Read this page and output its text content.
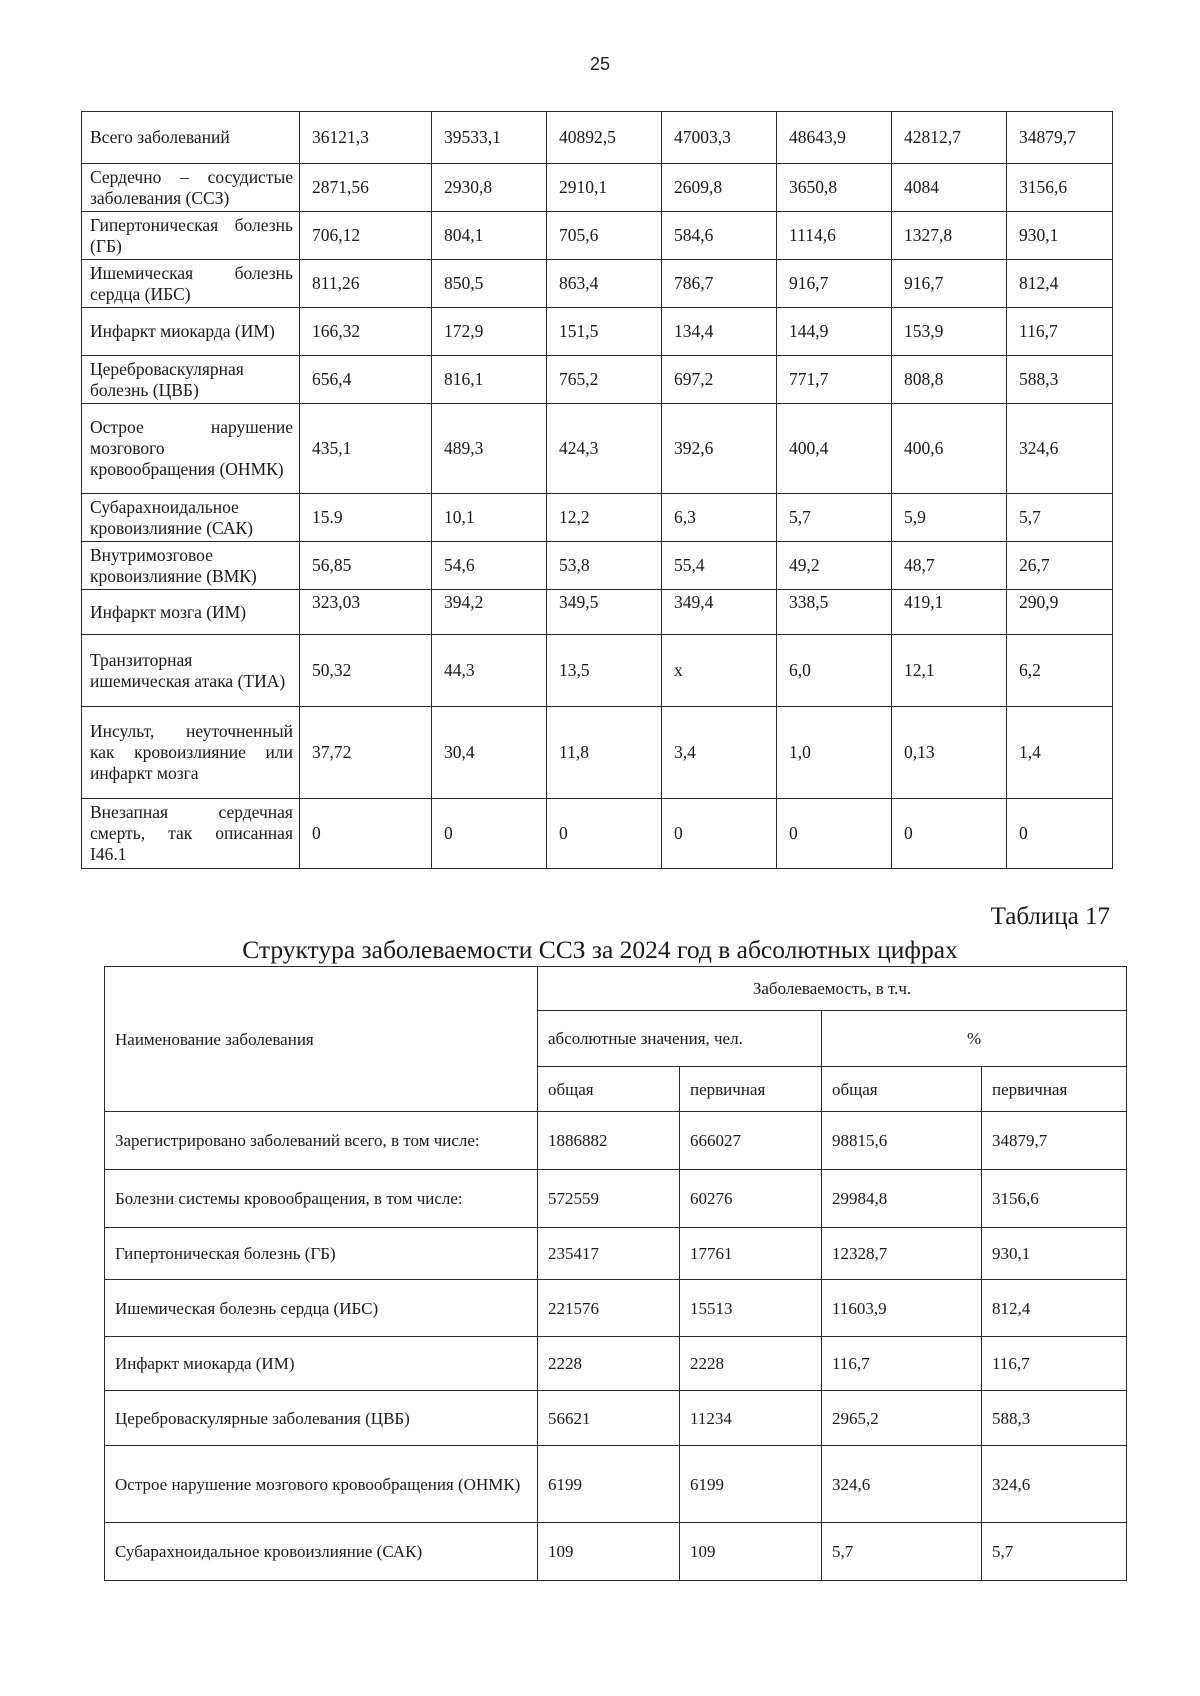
25
Всего заболеваний	36121,3	39533,1	40892,5	47003,3	48643,9	42812,7	34879,7
Сердечно – сосудистые заболевания (ССЗ)	2871,56	2930,8	2910,1	2609,8	3650,8	4084	3156,6
Гипертоническая болезнь (ГБ)	706,12	804,1	705,6	584,6	1114,6	1327,8	930,1
Ишемическая болезнь сердца (ИБС)	811,26	850,5	863,4	786,7	916,7	916,7	812,4
Инфаркт миокарда (ИМ)	166,32	172,9	151,5	134,4	144,9	153,9	116,7
Цереброваскулярная болезнь (ЦВБ)	656,4	816,1	765,2	697,2	771,7	808,8	588,3
Острое нарушение мозгового кровообращения (ОНМК)	435,1	489,3	424,3	392,6	400,4	400,6	324,6
Субарахноидальное кровоизлияние (САК)	15.9	10,1	12,2	6,3	5,7	5,9	5,7
Внутримозговое кровоизлияние (ВМК)	56,85	54,6	53,8	55,4	49,2	48,7	26,7
Инфаркт мозга (ИМ)	323,03	394,2	349,5	349,4	338,5	419,1	290,9
Транзиторная ишемическая атака (ТИА)	50,32	44,3	13,5	x	6,0	12,1	6,2
Инсульт, неуточненный как кровоизлияние или инфаркт мозга	37,72	30,4	11,8	3,4	1,0	0,13	1,4
Внезапная сердечная смерть, так описанная I46.1	0	0	0	0	0	0	0
Таблица 17
Структура заболеваемости ССЗ за 2024 год в абсолютных цифрах
Наименование заболевания	Заболеваемость, в т.ч.			
	абсолютные значения, чел.		%	
	общая	первичная	общая	первичная
Зарегистрировано заболеваний всего, в том числе:	1886882	666027	98815,6	34879,7
Болезни системы кровообращения, в том числе:	572559	60276	29984,8	3156,6
Гипертоническая болезнь (ГБ)	235417	17761	12328,7	930,1
Ишемическая болезнь сердца (ИБС)	221576	15513	11603,9	812,4
Инфаркт миокарда (ИМ)	2228	2228	116,7	116,7
Цереброваскулярные заболевания (ЦВБ)	56621	11234	2965,2	588,3
Острое нарушение мозгового кровообращения (ОНМК)	6199	6199	324,6	324,6
Субарахноидальное кровоизлияние (САК)	109	109	5,7	5,7
